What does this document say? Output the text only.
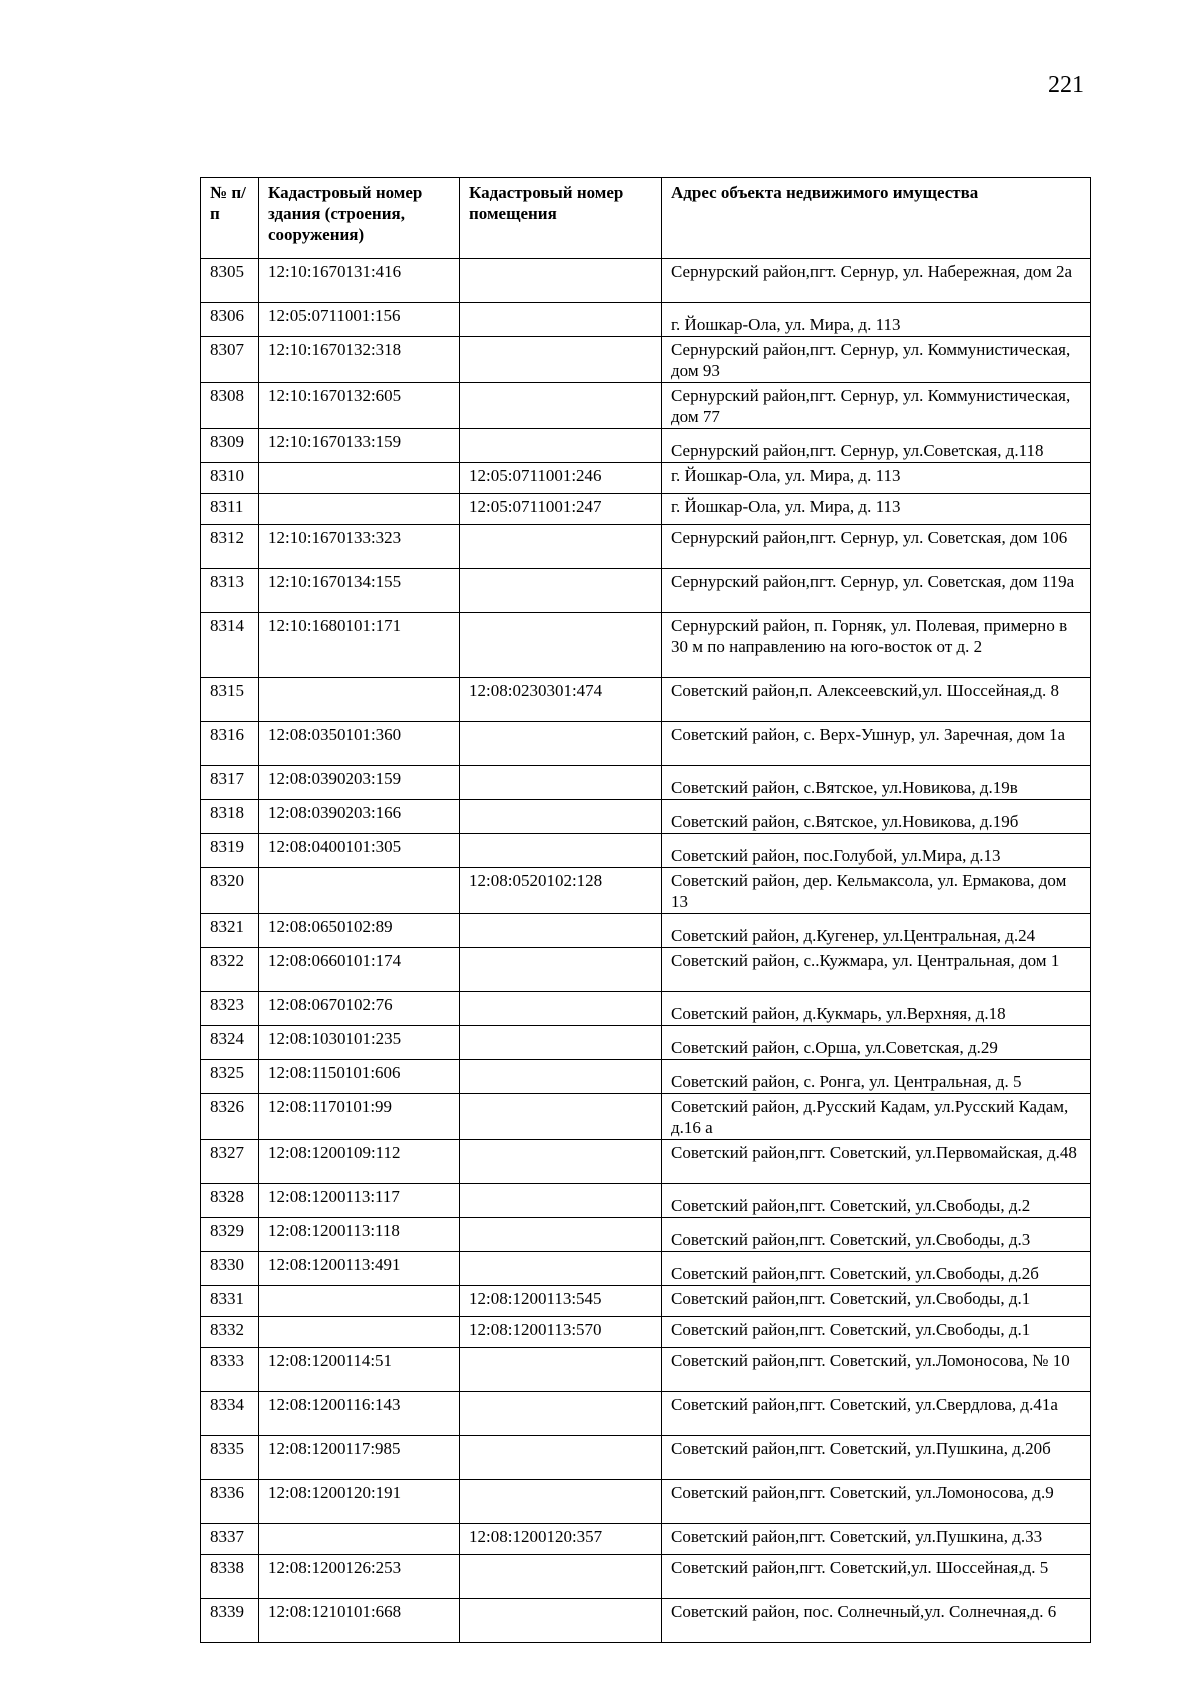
221
№ п/п	Кадастровый номер здания (строения, сооружения)	Кадастровый номер помещения	Адрес объекта недвижимого имущества
8305	12:10:1670131:416		Сернурский район,пгт. Сернур, ул. Набережная, дом 2а
8306	12:05:0711001:156		г. Йошкар-Ола, ул. Мира, д. 113
8307	12:10:1670132:318		Сернурский район,пгт. Сернур, ул. Коммунистическая, дом 93
8308	12:10:1670132:605		Сернурский район,пгт. Сернур, ул. Коммунистическая, дом 77
8309	12:10:1670133:159		Сернурский район,пгт. Сернур, ул.Советская, д.118
8310		12:05:0711001:246	г. Йошкар-Ола, ул. Мира, д. 113
8311		12:05:0711001:247	г. Йошкар-Ола, ул. Мира, д. 113
8312	12:10:1670133:323		Сернурский район,пгт. Сернур, ул. Советская, дом 106
8313	12:10:1670134:155		Сернурский район,пгт. Сернур, ул. Советская, дом 119а
8314	12:10:1680101:171		Сернурский район, п. Горняк, ул. Полевая, примерно в 30 м по направлению на юго-восток от д. 2
8315		12:08:0230301:474	Советский район,п. Алексеевский,ул. Шоссейная,д. 8
8316	12:08:0350101:360		Советский район, с. Верх-Ушнур, ул. Заречная, дом 1а
8317	12:08:0390203:159		Советский район, с.Вятское, ул.Новикова, д.19в
8318	12:08:0390203:166		Советский район, с.Вятское, ул.Новикова, д.19б
8319	12:08:0400101:305		Советский район, пос.Голубой, ул.Мира, д.13
8320		12:08:0520102:128	Советский район, дер. Кельмаксола, ул. Ермакова, дом 13
8321	12:08:0650102:89		Советский район, д.Кугенер, ул.Центральная, д.24
8322	12:08:0660101:174		Советский район, с..Кужмара, ул. Центральная, дом 1
8323	12:08:0670102:76		Советский район, д.Кукмарь, ул.Верхняя, д.18
8324	12:08:1030101:235		Советский район, с.Орша, ул.Советская, д.29
8325	12:08:1150101:606		Советский район, с. Ронга, ул. Центральная, д. 5
8326	12:08:1170101:99		Советский район, д.Русский Кадам, ул.Русский Кадам, д.16 а
8327	12:08:1200109:112		Советский район,пгт. Советский, ул.Первомайская, д.48
8328	12:08:1200113:117		Советский район,пгт. Советский, ул.Свободы, д.2
8329	12:08:1200113:118		Советский район,пгт. Советский, ул.Свободы, д.3
8330	12:08:1200113:491		Советский район,пгт. Советский, ул.Свободы, д.2б
8331		12:08:1200113:545	Советский район,пгт. Советский, ул.Свободы, д.1
8332		12:08:1200113:570	Советский район,пгт. Советский, ул.Свободы, д.1
8333	12:08:1200114:51		Советский район,пгт. Советский, ул.Ломоносова, № 10
8334	12:08:1200116:143		Советский район,пгт. Советский, ул.Свердлова, д.41а
8335	12:08:1200117:985		Советский район,пгт. Советский, ул.Пушкина, д.20б
8336	12:08:1200120:191		Советский район,пгт. Советский, ул.Ломоносова, д.9
8337		12:08:1200120:357	Советский район,пгт. Советский, ул.Пушкина, д.33
8338	12:08:1200126:253		Советский район,пгт. Советский,ул. Шоссейная,д. 5
8339	12:08:1210101:668		Советский район, пос. Солнечный,ул. Солнечная,д. 6
